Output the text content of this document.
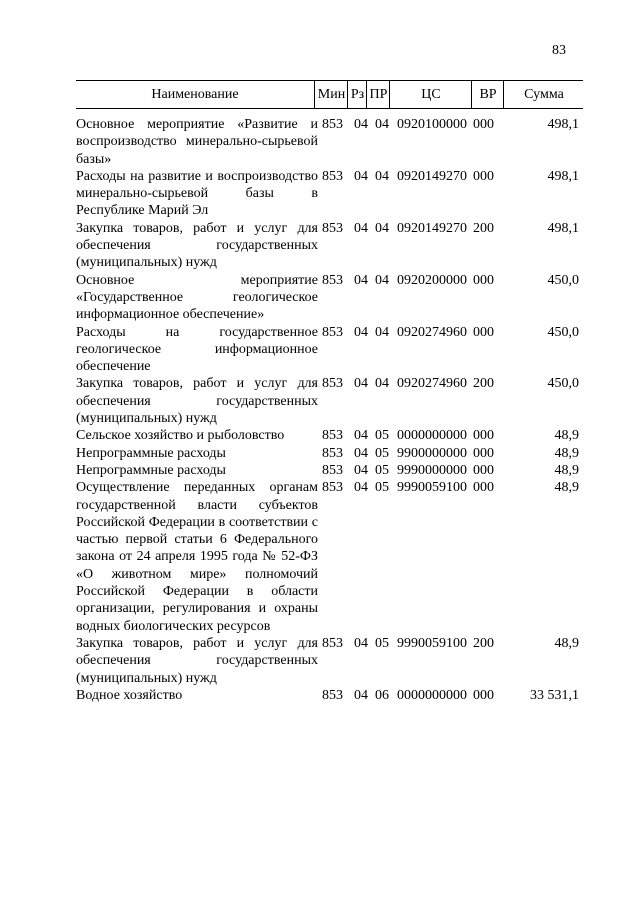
83
Наименование	Мин Рз ПР	ЦС	ВР	Сумма
Основное мероприятие «Развитие и воспроизводство минерально-сырьевой базы»
853 04 04 0920100000 000	498,1
Расходы на развитие и воспроизводство минерально-сырьевой базы в Республике Марий Эл
853 04 04 0920149270 000	498,1
Закупка товаров, работ и услуг для обеспечения государственных (муниципальных) нужд
853 04 04 0920149270 200	498,1
Основное мероприятие «Государственное геологическое информационное обеспечение»
853 04 04 0920200000 000	450,0
Расходы на государственное геологическое информационное обеспечение
853 04 04 0920274960 000	450,0
Закупка товаров, работ и услуг для обеспечения государственных (муниципальных) нужд
853 04 04 0920274960 200	450,0
Сельское хозяйство и рыболовство	853 04 05 0000000000 000	48,9
Непрограммные расходы	853 04 05 9900000000 000	48,9
Непрограммные расходы	853 04 05 9990000000 000	48,9
Осуществление переданных органам государственной власти субъектов Российской Федерации в соответствии с частью первой статьи 6 Федерального закона от 24 апреля 1995 года № 52-ФЗ «О животном мире» полномочий Российской Федерации в области организации, регулирования и охраны водных биологических ресурсов
853 04 05 9990059100 000	48,9
Закупка товаров, работ и услуг для обеспечения государственных (муниципальных) нужд
853 04 05 9990059100 200	48,9
Водное хозяйство	853 04 06 0000000000 000	33 531,1
